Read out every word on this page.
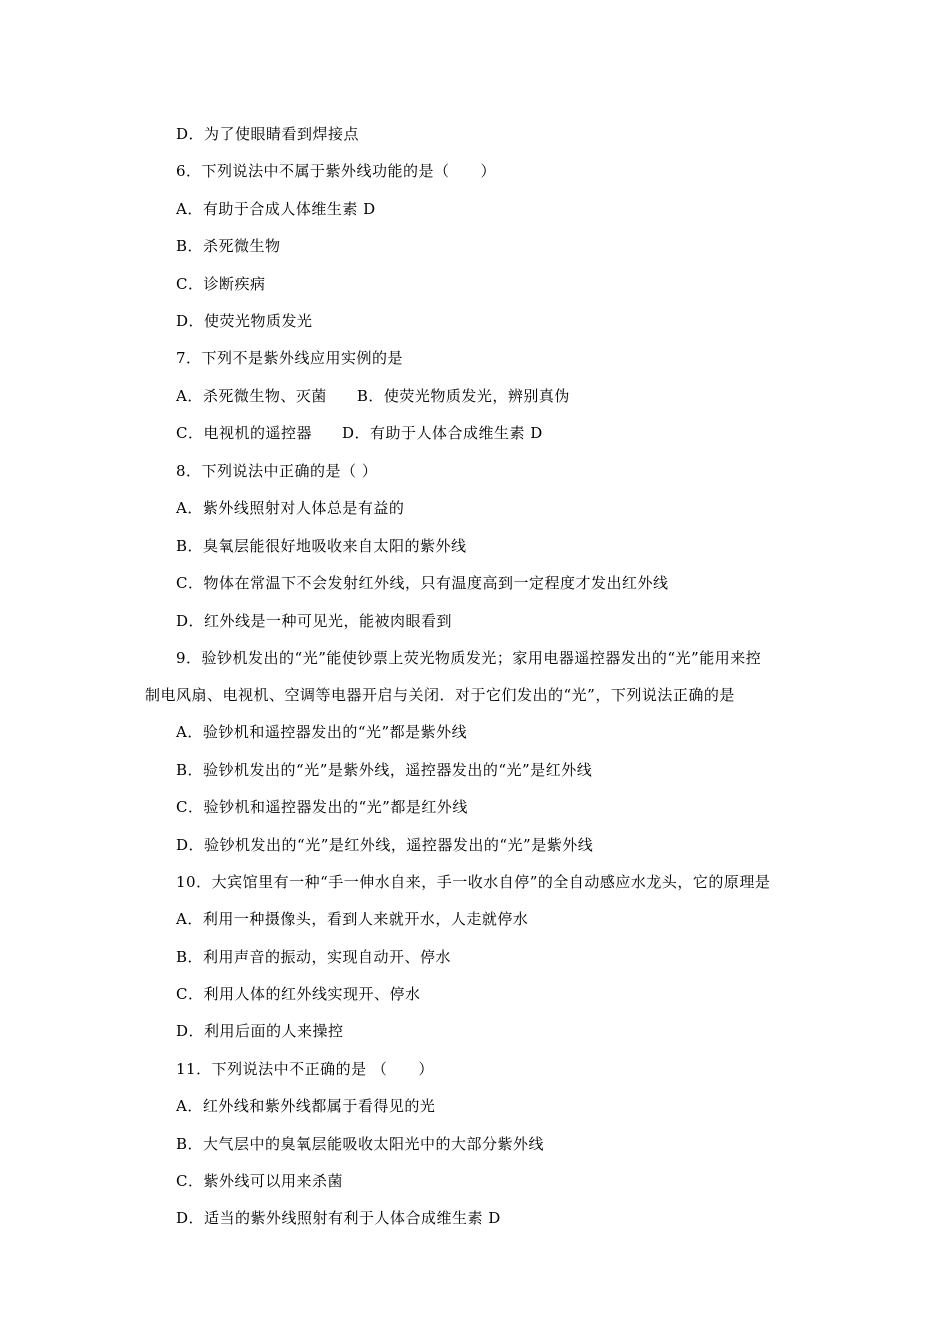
D．为了使眼睛看到焊接点
6．下列说法中不属于紫外线功能的是（　　）
A．有助于合成人体维生素 D
B．杀死微生物
C．诊断疾病
D．使荧光物质发光
7．下列不是紫外线应用实例的是
A．杀死微生物、灭菌 B．使荧光物质发光，辨别真伪
C．电视机的遥控器 D．有助于人体合成维生素 D
8．下列说法中正确的是（ ）
A．紫外线照射对人体总是有益的
B．臭氧层能很好地吸收来自太阳的紫外线
C．物体在常温下不会发射红外线，只有温度高到一定程度才发出红外线
D．红外线是一种可见光，能被肉眼看到
9．验钞机发出的“光”能使钞票上荧光物质发光；家用电器遥控器发出的“光”能用来控
制电风扇、电视机、空调等电器开启与关闭．对于它们发出的“光”，下列说法正确的是
A．验钞机和遥控器发出的“光”都是紫外线
B．验钞机发出的“光”是紫外线，遥控器发出的“光”是红外线
C．验钞机和遥控器发出的“光”都是红外线
D．验钞机发出的“光”是红外线，遥控器发出的“光”是紫外线
10．大宾馆里有一种“手一伸水自来，手一收水自停”的全自动感应水龙头，它的原理是
A．利用一种摄像头，看到人来就开水，人走就停水
B．利用声音的振动，实现自动开、停水
C．利用人体的红外线实现开、停水
D．利用后面的人来操控
11．下列说法中不正确的是 （　　）
A．红外线和紫外线都属于看得见的光
B．大气层中的臭氧层能吸收太阳光中的大部分紫外线
C．紫外线可以用来杀菌
D．适当的紫外线照射有利于人体合成维生素 D
